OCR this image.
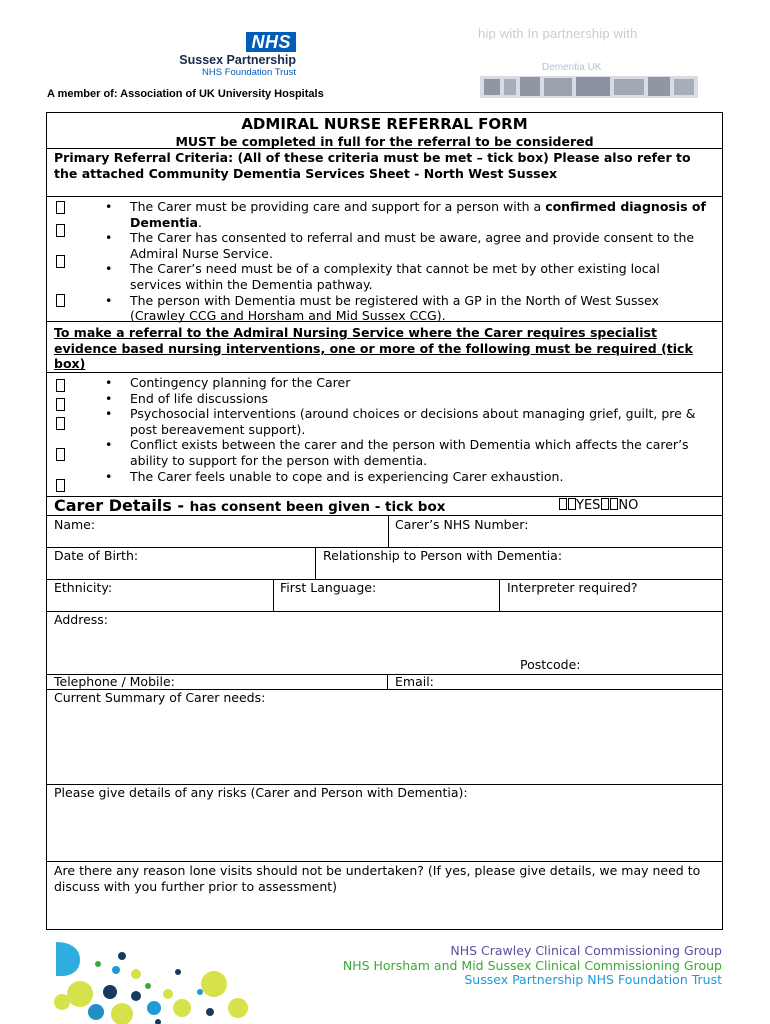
NHS
Sussex Partnership
NHS Foundation Trust
A member of: Association of UK University Hospitals
hip with In partnership with
Dementia UK
ADMIRAL NURSE REFERRAL FORM
MUST be completed in full for the referral to be considered
Primary Referral Criteria: (All of these criteria must be met – tick box) Please also refer to the attached Community Dementia Services Sheet - North West Sussex
• The Carer must be providing care and support for a person with a confirmed diagnosis of Dementia.
• The Carer has consented to referral and must be aware, agree and provide consent to the Admiral Nurse Service.
• The Carer’s need must be of a complexity that cannot be met by other existing local services within the Dementia pathway.
• The person with Dementia must be registered with a GP in the North of West Sussex (Crawley CCG and Horsham and Mid Sussex CCG).
To make a referral to the Admiral Nursing Service where the Carer requires specialist evidence based nursing interventions, one or more of the following must be required (tick box)
• Contingency planning for the Carer
• End of life discussions
• Psychosocial interventions (around choices or decisions about managing grief, guilt, pre & post bereavement support).
• Conflict exists between the carer and the person with Dementia which affects the carer’s ability to support for the person with dementia.
• The Carer feels unable to cope and is experiencing Carer exhaustion.
Carer Details - has consent been given - tick box	YES NO
Name:	Carer’s NHS Number:
Date of Birth:	Relationship to Person with Dementia:
Ethnicity:	First Language:	Interpreter required?
Address:
Postcode:
Telephone / Mobile:	Email:
Current Summary of Carer needs:
Please give details of any risks (Carer and Person with Dementia):
Are there any reason lone visits should not be undertaken? (If yes, please give details, we may need to discuss with you further prior to assessment)
NHS Crawley Clinical Commissioning Group
NHS Horsham and Mid Sussex Clinical Commissioning Group
Sussex Partnership NHS Foundation Trust
